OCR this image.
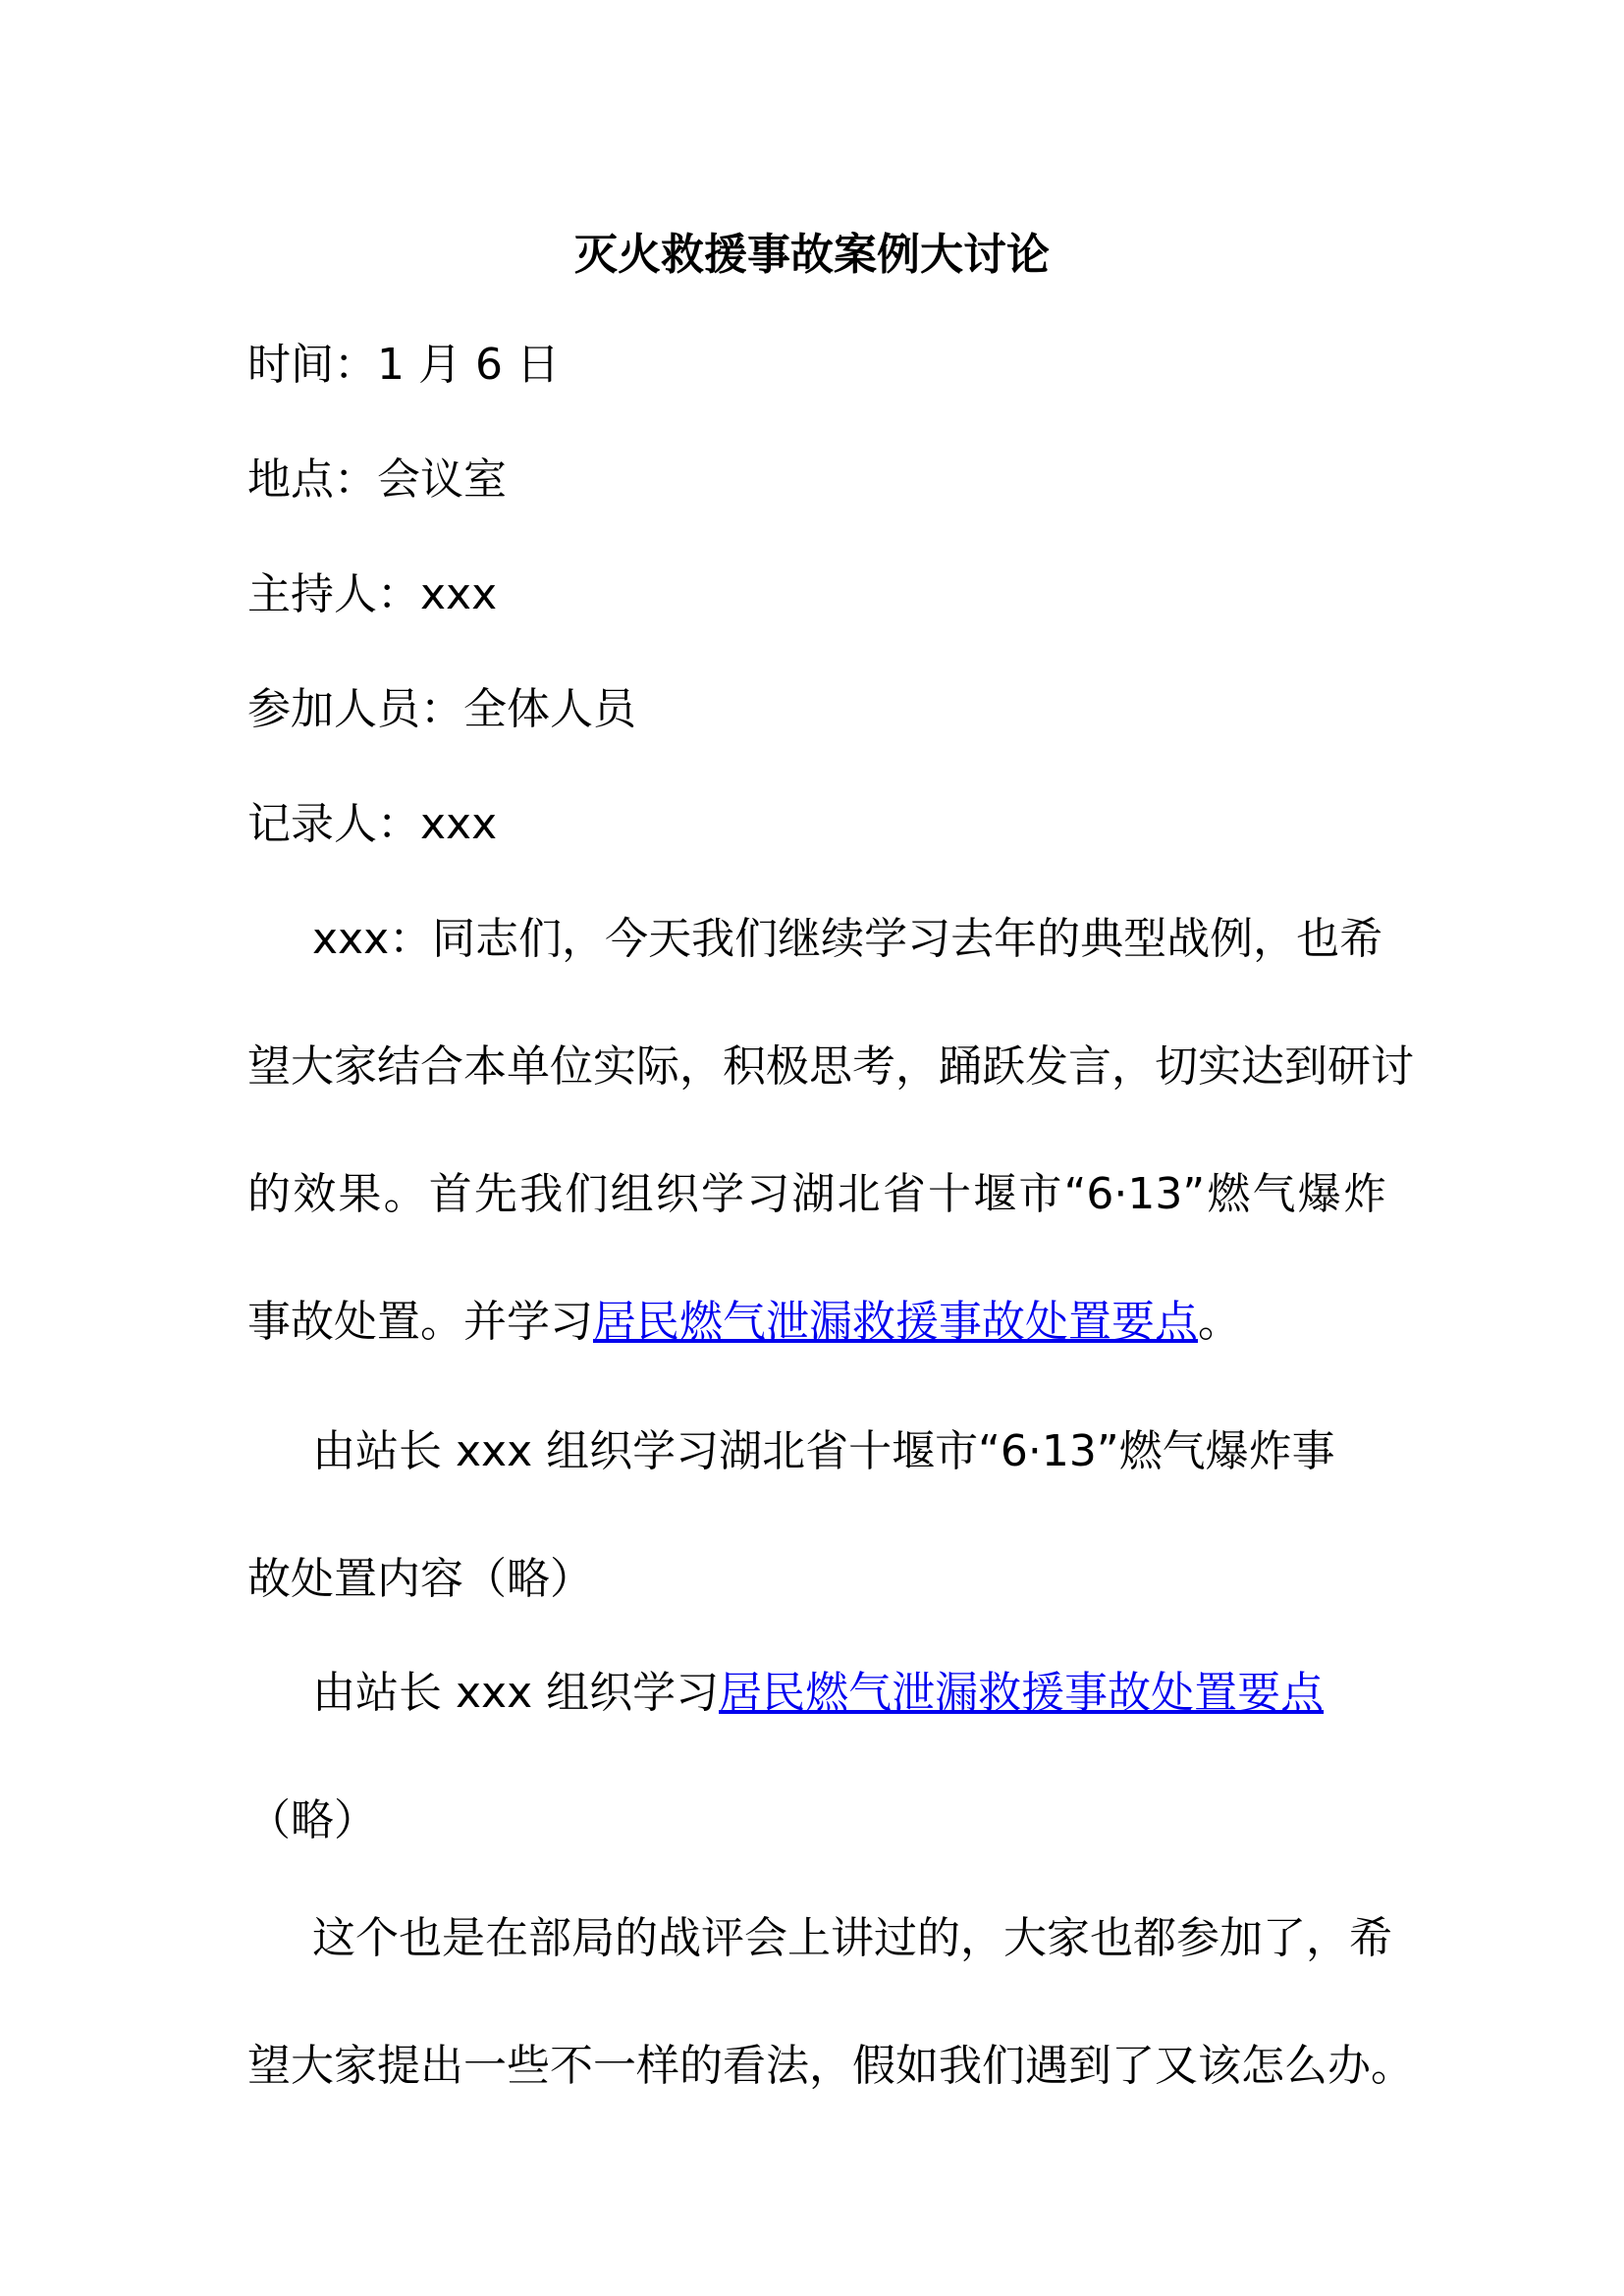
灭火救援事故案例大讨论

时间：1 月 6 日

地点：会议室

主持人：xxx

参加人员：全体人员

记录人：xxx

xxx：同志们，今天我们继续学习去年的典型战例，也希
望大家结合本单位实际，积极思考，踊跃发言，切实达到研讨
的效果。首先我们组织学习湖北省十堰市“6·13”燃气爆炸
事故处置。并学习居民燃气泄漏救援事故处置要点。
由站长 xxx 组织学习湖北省十堰市“6·13”燃气爆炸事
故处置内容（略）
由站长 xxx 组织学习居民燃气泄漏救援事故处置要点
（略）
这个也是在部局的战评会上讲过的，大家也都参加了，希
望大家提出一些不一样的看法，假如我们遇到了又该怎么办。
